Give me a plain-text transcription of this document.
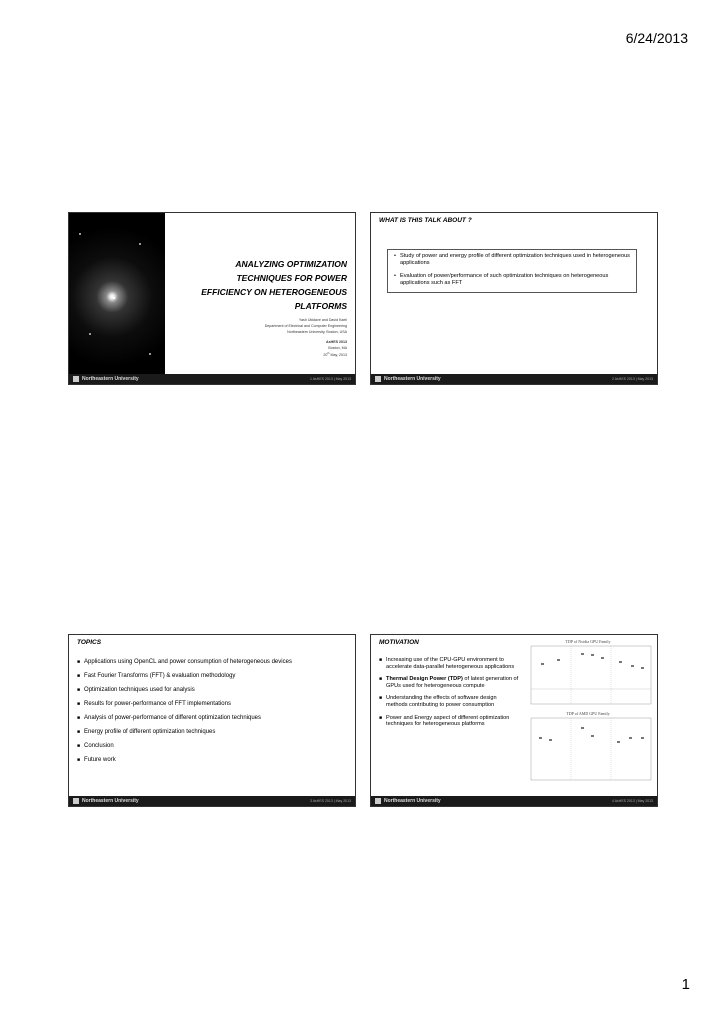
6/24/2013
ANALYZING OPTIMIZATION
TECHNIQUES FOR POWER
EFFICIENCY ON HETEROGENEOUS
PLATFORMS
Yash Ukidave and David Kaeli
Department of Electrical and Computer Engineering
Northeastern University, Boston, USA
AsHES 2013
Boston, MA
20th May, 2013
Northeastern University	1 AsHES 2013 | May 2013
WHAT IS THIS TALK ABOUT ?
• Study of power and energy profile of different optimization techniques used in heterogeneous applications
• Evaluation of power/performance of such optimization techniques on heterogeneous applications such as FFT
Northeastern University	2 AsHES 2013 | May 2013
TOPICS
■ Applications using OpenCL and power consumption of heterogeneous devices
■ Fast Fourier Transforms (FFT) & evaluation methodology
■ Optimization techniques used for analysis
■ Results for power-performance of FFT implementations
■ Analysis of power-performance of different optimization techniques
■ Energy profile of different optimization techniques
■ Conclusion
■ Future work
Northeastern University	3 AsHES 2013 | May 2013
MOTIVATION
■ Increasing use of the CPU-GPU environment to accelerate data-parallel heterogeneous applications
■ Thermal Design Power (TDP) of latest generation of GPUs used for heterogeneous compute
■ Understanding the effects of software design methods contributing to power consumption
■ Power and Energy aspect of different optimization techniques for heterogeneous platforms
TDP of Nvidia GPU Family
TDP of AMD GPU Family
Northeastern University	4 AsHES 2013 | May 2013
1
